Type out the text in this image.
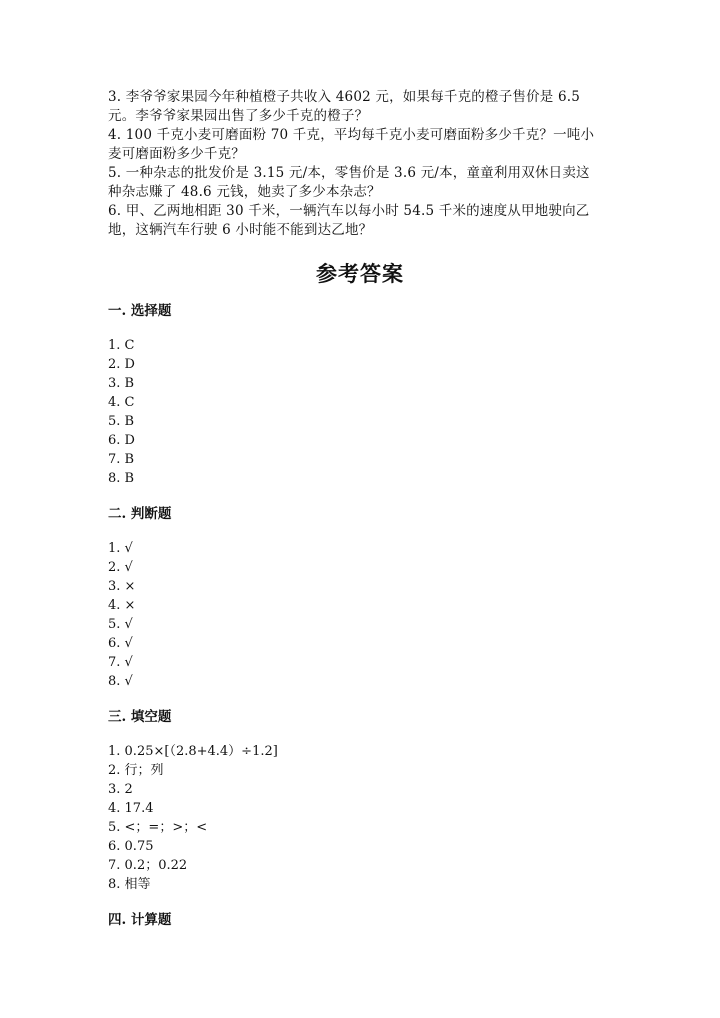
3. 李爷爷家果园今年种植橙子共收入 4602 元，如果每千克的橙子售价是 6.5
元。李爷爷家果园出售了多少千克的橙子？
4. 100 千克小麦可磨面粉 70 千克，平均每千克小麦可磨面粉多少千克？一吨小
麦可磨面粉多少千克？
5. 一种杂志的批发价是 3.15 元/本，零售价是 3.6 元/本，童童利用双休日卖这
种杂志赚了 48.6 元钱，她卖了多少本杂志？
6. 甲、乙两地相距 30 千米，一辆汽车以每小时 54.5 千米的速度从甲地驶向乙
地，这辆汽车行驶 6 小时能不能到达乙地？
参考答案
一. 选择题
1. C
2. D
3. B
4. C
5. B
6. D
7. B
8. B
二. 判断题
1. √
2. √
3. ×
4. ×
5. √
6. √
7. √
8. √
三. 填空题
1. 0.25×[（2.8+4.4）÷1.2]
2. 行；列
3. 2
4. 17.4
5. <；=；>；<
6. 0.75
7. 0.2；0.22
8. 相等
四. 计算题
